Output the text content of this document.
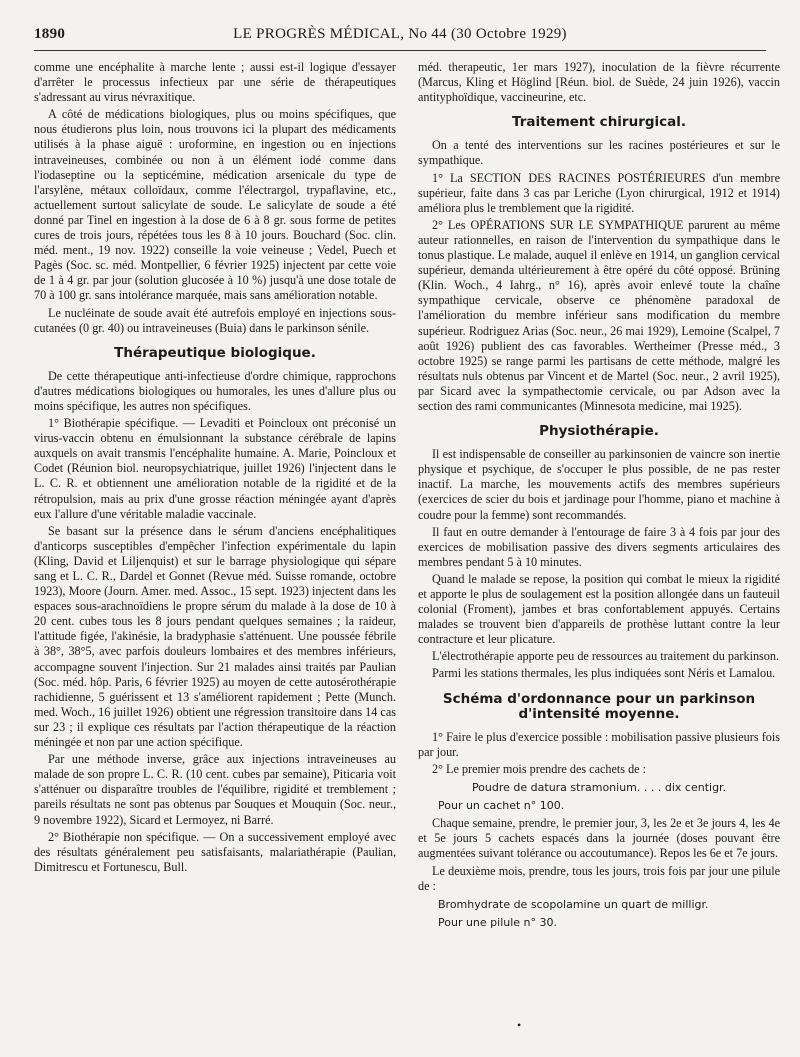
1890	LE PROGRÈS MÉDICAL, No 44 (30 Octobre 1929)

comme une encéphalite à marche lente ; aussi est-il logique d'essayer d'arrêter le processus infectieux par une série de thérapeutiques s'adressant au virus névraxitique.

A côté de médications biologiques, plus ou moins spécifiques, que nous étudierons plus loin, nous trouvons ici la plupart des médicaments utilisés à la phase aiguë : uroformine, en ingestion ou en injections intraveineuses, combinée ou non à un élément iodé comme dans l'iodaseptine ou la septicémine, médication arsenicale du type de l'arsylène, métaux colloïdaux, comme l'électrargol, trypaflavine, etc., actuellement surtout salicylate de soude. Le salicylate de soude a été donné par Tinel en ingestion à la dose de 6 à 8 gr. sous forme de petites cures de trois jours, répétées tous les 8 à 10 jours. Bouchard (Soc. clin. méd. ment., 19 nov. 1922) conseille la voie veineuse ; Vedel, Puech et Pagès (Soc. sc. méd. Montpellier, 6 février 1925) injectent par cette voie de 1 à 4 gr. par jour (solution glucosée à 10 %) jusqu'à une dose totale de 70 à 100 gr. sans intolérance marquée, mais sans amélioration notable.

Le nucléinate de soude avait été autrefois employé en injections sous-cutanées (0 gr. 40) ou intraveineuses (Buia) dans le parkinson sénile.

Thérapeutique biologique.

De cette thérapeutique anti-infectieuse d'ordre chimique, rapprochons d'autres médications biologiques ou humorales, les unes d'allure plus ou moins spécifique, les autres non spécifiques.

1° Biothérapie spécifique. — Levaditi et Poincloux ont préconisé un virus-vaccin obtenu en émulsionnant la substance cérébrale de lapins auxquels on avait transmis l'encéphalite humaine. A. Marie, Poincloux et Codet (Réunion biol. neuropsychiatrique, juillet 1926) l'injectent dans le L. C. R. et obtiennent une amélioration notable de la rigidité et de la rétropulsion, mais au prix d'une grosse réaction méningée ayant d'après eux l'allure d'une véritable maladie vaccinale.

Se basant sur la présence dans le sérum d'anciens encéphalitiques d'anticorps susceptibles d'empêcher l'infection expérimentale du lapin (Kling, David et Liljenquist) et sur le barrage physiologique qui sépare sang et L. C. R., Dardel et Gonnet (Revue méd. Suisse romande, octobre 1923), Moore (Journ. Amer. med. Assoc., 15 sept. 1923) injectent dans les espaces sous-arachnoïdiens le propre sérum du malade à la dose de 10 à 20 cent. cubes tous les 8 jours pendant quelques semaines ; la raideur, l'attitude figée, l'akinésie, la bradyphasie s'atténuent. Une poussée fébrile à 38°, 38°5, avec parfois douleurs lombaires et des membres inférieurs, accompagne souvent l'injection. Sur 21 malades ainsi traités par Paulian (Soc. méd. hôp. Paris, 6 février 1925) au moyen de cette autosérothérapie rachidienne, 5 guérissent et 13 s'améliorent rapidement ; Pette (Munch. med. Woch., 16 juillet 1926) obtient une régression transitoire dans 14 cas sur 23 ; il explique ces résultats par l'action thérapeutique de la réaction méningée et non par une action spécifique.

Par une méthode inverse, grâce aux injections intraveineuses au malade de son propre L. C. R. (10 cent. cubes par semaine), Piticaria voit s'atténuer ou disparaître troubles de l'équilibre, rigidité et tremblement ; pareils résultats ne sont pas obtenus par Souques et Mouquin (Soc. neur., 9 novembre 1922), Sicard et Lermoyez, ni Barré.

2° Biothérapie non spécifique. — On a successivement employé avec des résultats généralement peu satisfaisants, malariathérapie (Paulian, Dimitrescu et Fortunescu, Bull.

méd. therapeutic, 1er mars 1927), inoculation de la fièvre récurrente (Marcus, Kling et Höglind [Réun. biol. de Suède, 24 juin 1926), vaccin antityphoïdique, vaccineurine, etc.

Traitement chirurgical.

On a tenté des interventions sur les racines postérieures et sur le sympathique.

1° La SECTION DES RACINES POSTÉRIEURES d'un membre supérieur, faite dans 3 cas par Leriche (Lyon chirurgical, 1912 et 1914) améliora plus le tremblement que la rigidité.

2° Les OPÉRATIONS SUR LE SYMPATHIQUE parurent au même auteur rationnelles, en raison de l'intervention du sympathique dans le tonus plastique. Le malade, auquel il enlève en 1914, un ganglion cervical supérieur, demanda ultérieurement à être opéré du côté opposé. Brüning (Klin. Woch., 4 Iahrg., n° 16), après avoir enlevé toute la chaîne sympathique cervicale, observe ce phénomène paradoxal de l'amélioration du membre inférieur sans modification du membre supérieur. Rodriguez Arias (Soc. neur., 26 mai 1929), Lemoine (Scalpel, 7 août 1926) publient des cas favorables. Wertheimer (Presse méd., 3 octobre 1925) se range parmi les partisans de cette méthode, malgré les résultats nuls obtenus par Vincent et de Martel (Soc. neur., 2 avril 1925), par Sicard avec la sympathectomie cervicale, ou par Adson avec la section des rami communicantes (Minnesota medicine, mai 1925).

Physiothérapie.

Il est indispensable de conseiller au parkinsonien de vaincre son inertie physique et psychique, de s'occuper le plus possible, de ne pas rester inactif. La marche, les mouvements actifs des membres supérieurs (exercices de scier du bois et jardinage pour l'homme, piano et machine à coudre pour la femme) sont recommandés.

Il faut en outre demander à l'entourage de faire 3 à 4 fois par jour des exercices de mobilisation passive des divers segments articulaires des membres pendant 5 à 10 minutes.

Quand le malade se repose, la position qui combat le mieux la rigidité et apporte le plus de soulagement est la position allongée dans un fauteuil colonial (Froment), jambes et bras confortablement appuyés. Certains malades se trouvent bien d'appareils de prothèse luttant contre la leur contracture et leur plicature.

L'électrothérapie apporte peu de ressources au traitement du parkinson.

Parmi les stations thermales, les plus indiquées sont Néris et Lamalou.

Schéma d'ordonnance pour un parkinson d'intensité moyenne.

1° Faire le plus d'exercice possible : mobilisation passive plusieurs fois par jour.

2° Le premier mois prendre des cachets de :

Poudre de datura stramonium. . . . dix centigr.

Pour un cachet n° 100.

Chaque semaine, prendre, le premier jour, 3, les 2e et 3e jours 4, les 4e et 5e jours 5 cachets espacés dans la journée (doses pouvant être augmentées suivant tolérance ou accoutumance). Repos les 6e et 7e jours.

Le deuxième mois, prendre, tous les jours, trois fois par jour une pilule de :

Bromhydrate de scopolamine un quart de milligr.

Pour une pilule n° 30.

•
